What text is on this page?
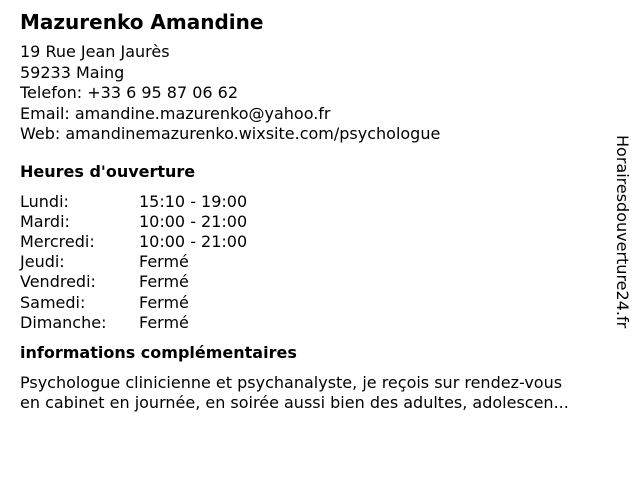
Mazurenko Amandine
19 Rue Jean Jaurès
59233 Maing
Telefon: +33 6 95 87 06 62
Email: amandine.mazurenko@yahoo.fr
Web: amandinemazurenko.wixsite.com/psychologue
Heures d'ouverture
Lundi:	15:10 - 19:00
Mardi:	10:00 - 21:00
Mercredi:	10:00 - 21:00
Jeudi:	Fermé
Vendredi:	Fermé
Samedi:	Fermé
Dimanche:	Fermé
informations complémentaires
Psychologue clinicienne et psychanalyste, je reçois sur rendez-vous
en cabinet en journée, en soirée aussi bien des adultes, adolescen...
Horairesdouverture24.fr
